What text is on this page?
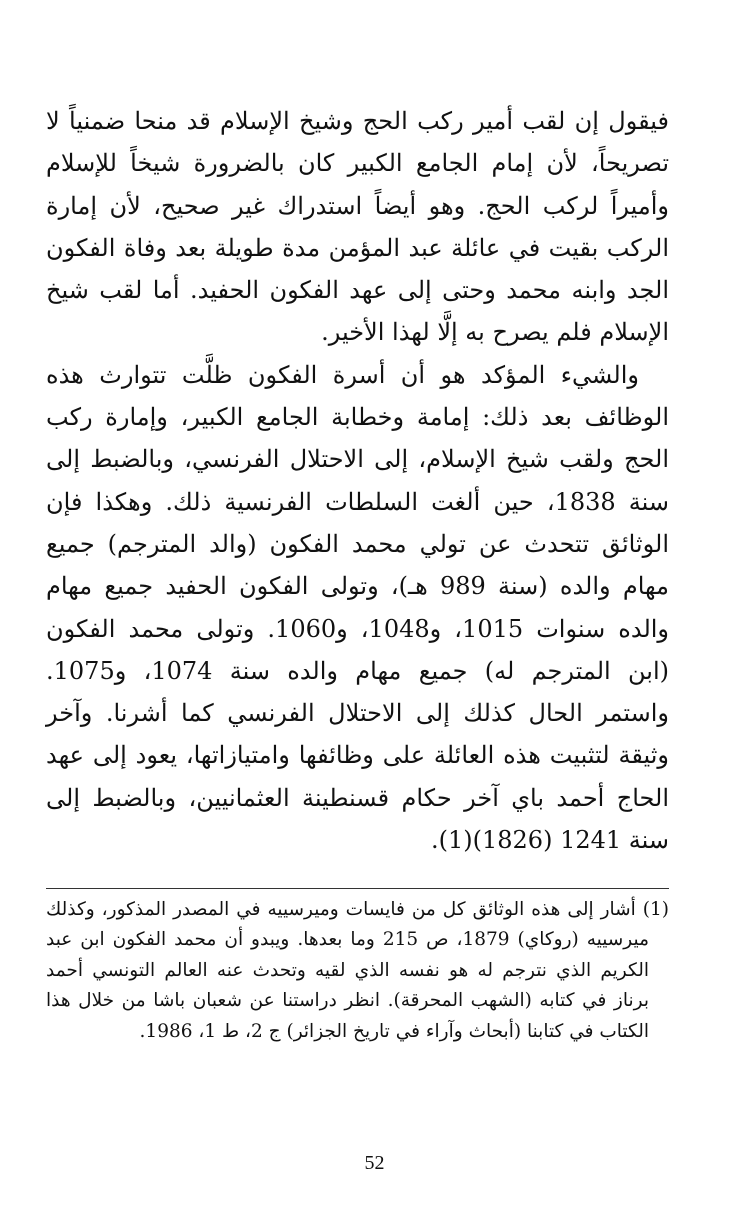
فيقول إن لقب أمير ركب الحج وشيخ الإسلام قد منحا ضمنياً لا تصريحاً، لأن إمام الجامع الكبير كان بالضرورة شيخاً للإسلام وأميراً لركب الحج. وهو أيضاً استدراك غير صحيح، لأن إمارة الركب بقيت في عائلة عبد المؤمن مدة طويلة بعد وفاة الفكون الجد وابنه محمد وحتى إلى عهد الفكون الحفيد. أما لقب شيخ الإسلام فلم يصرح به إلَّا لهذا الأخير.

والشيء المؤكد هو أن أسرة الفكون ظلَّت تتوارث هذه الوظائف بعد ذلك: إمامة وخطابة الجامع الكبير، وإمارة ركب الحج ولقب شيخ الإسلام، إلى الاحتلال الفرنسي، وبالضبط إلى سنة 1838، حين ألغت السلطات الفرنسية ذلك. وهكذا فإن الوثائق تتحدث عن تولي محمد الفكون (والد المترجم) جميع مهام والده (سنة 989 هـ)، وتولى الفكون الحفيد جميع مهام والده سنوات 1015، و1048، و1060. وتولى محمد الفكون (ابن المترجم له) جميع مهام والده سنة 1074، و1075. واستمر الحال كذلك إلى الاحتلال الفرنسي كما أشرنا. وآخر وثيقة لتثبيت هذه العائلة على وظائفها وامتيازاتها، يعود إلى عهد الحاج أحمد باي آخر حكام قسنطينة العثمانيين، وبالضبط إلى سنة 1241 (1826)(1).

(1) أشار إلى هذه الوثائق كل من فايسات وميرسييه في المصدر المذكور، وكذلك ميرسييه (روكاي) 1879، ص 215 وما بعدها. ويبدو أن محمد الفكون ابن عبد الكريم الذي نترجم له هو نفسه الذي لقيه وتحدث عنه العالم التونسي أحمد برناز في كتابه (الشهب المحرقة). انظر دراستنا عن شعبان باشا من خلال هذا الكتاب في كتابنا (أبحاث وآراء في تاريخ الجزائر) ج 2، ط 1، 1986.

52
